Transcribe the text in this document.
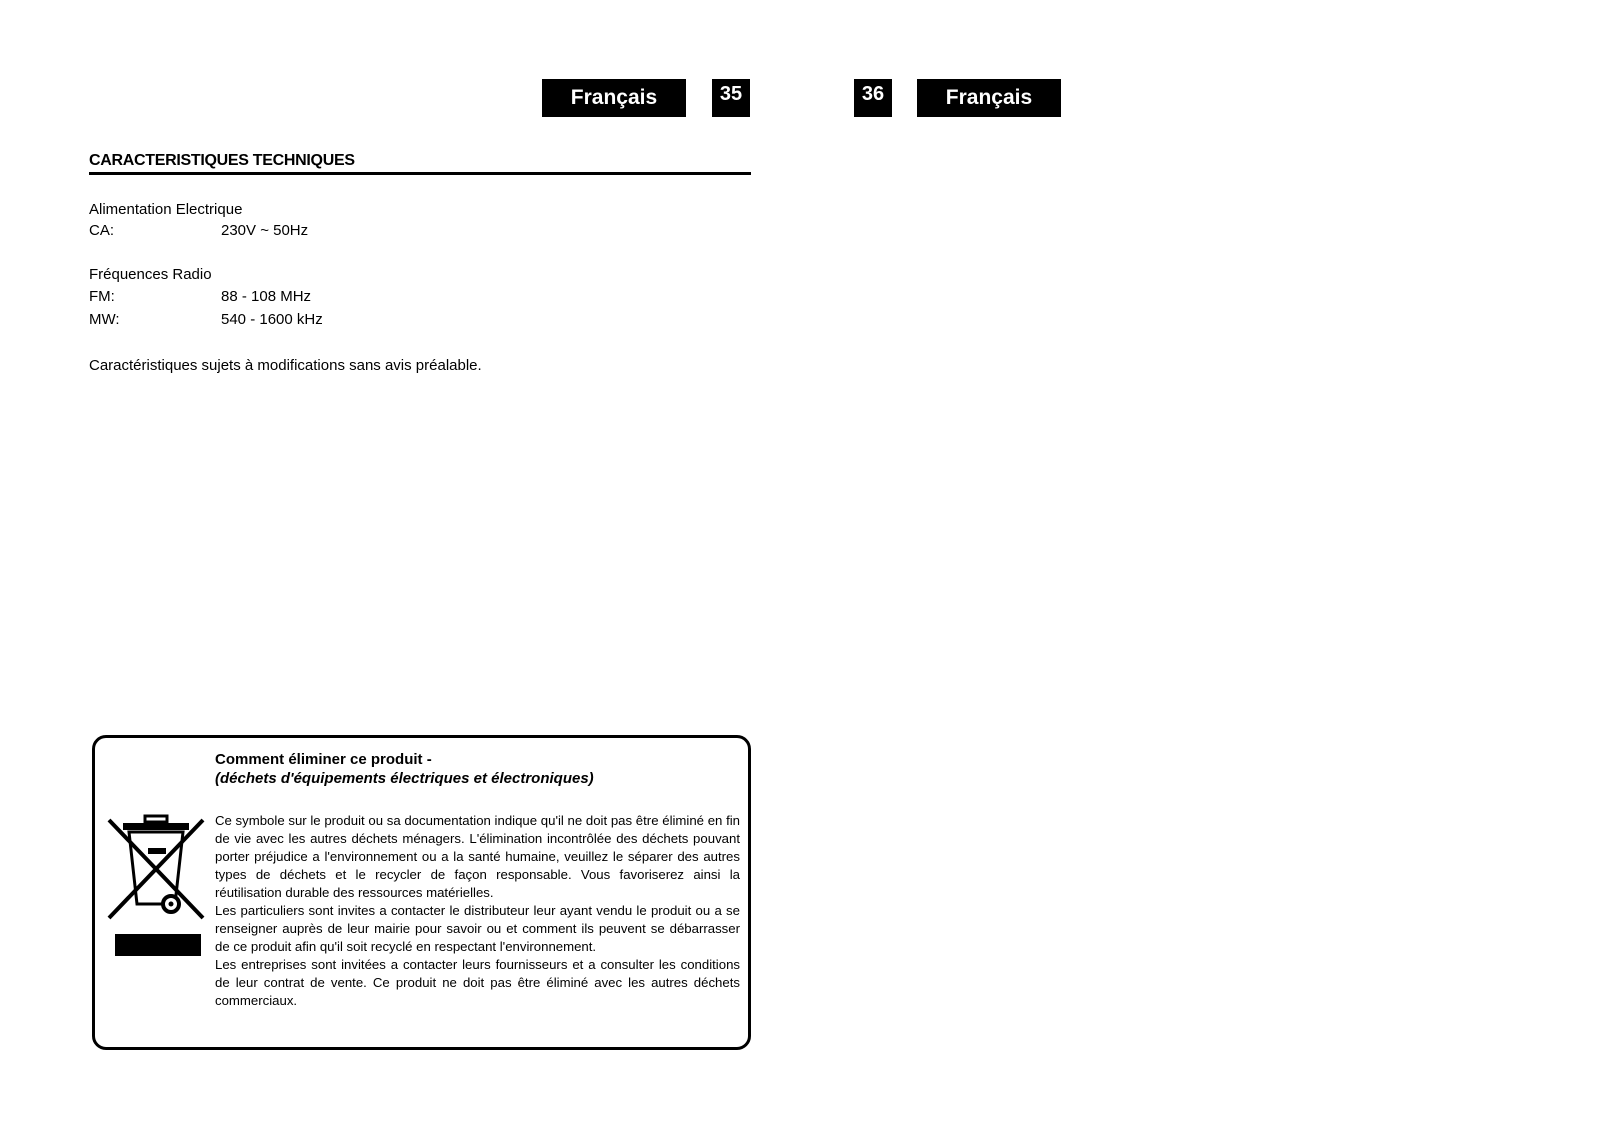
Français	35	36	Français
CARACTERISTIQUES TECHNIQUES
Alimentation Electrique
CA:	230V ~ 50Hz
Fréquences Radio
FM:	88 - 108 MHz
MW:	540 - 1600 kHz
Caractéristiques sujets à modifications sans avis préalable.
Comment éliminer ce produit -
(déchets d'équipements électriques et électroniques)

Ce symbole sur le produit ou sa documentation indique qu'il ne doit pas être éliminé en fin de vie avec les autres déchets ménagers. L'élimination incontrôlée des déchets pouvant porter préjudice a l'environnement ou a la santé humaine, veuillez le séparer des autres types de déchets et le recycler de façon responsable. Vous favoriserez ainsi la réutilisation durable des ressources matérielles.

Les particuliers sont invites a contacter le distributeur leur ayant vendu le produit ou a se renseigner auprès de leur mairie pour savoir ou et comment ils peuvent se débarrasser de ce produit afin qu'il soit recyclé en respectant l'environnement.

Les entreprises sont invitées a contacter leurs fournisseurs et a consulter les conditions de leur contrat de vente. Ce produit ne doit pas être éliminé avec les autres déchets commerciaux.
